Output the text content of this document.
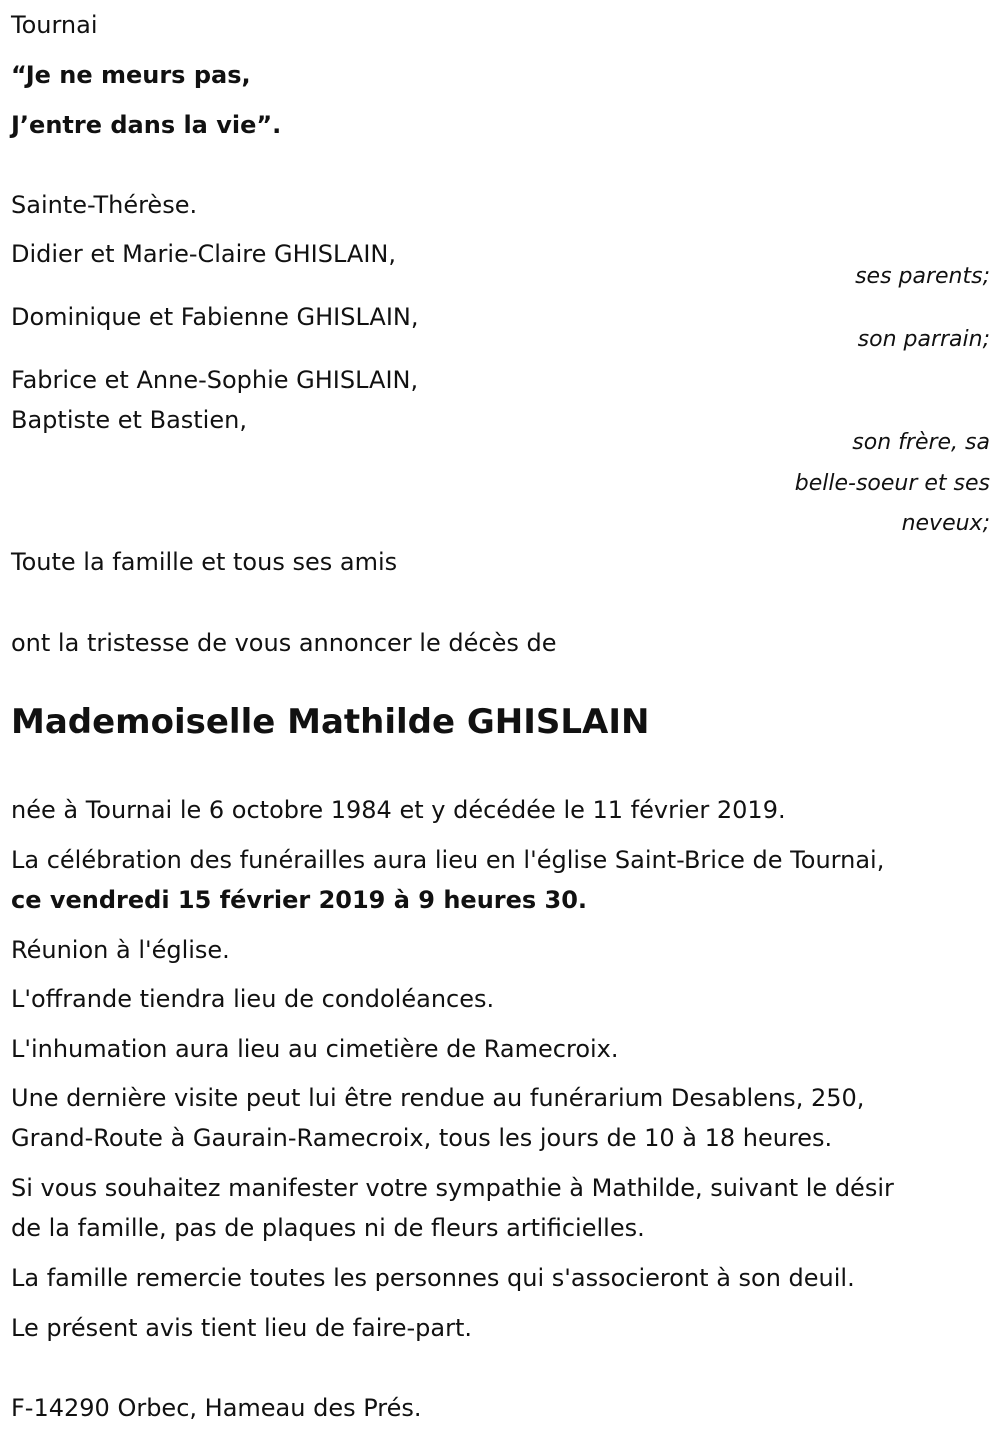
Tournai
“Je ne meurs pas,
J’entre dans la vie”.
Sainte-Thérèse.
Didier et Marie-Claire GHISLAIN,
ses parents;
Dominique et Fabienne GHISLAIN,
son parrain;
Fabrice et Anne-Sophie GHISLAIN,
Baptiste et Bastien,
son frère, sa
belle-soeur et ses
neveux;
Toute la famille et tous ses amis
ont la tristesse de vous annoncer le décès de
Mademoiselle Mathilde GHISLAIN
née à Tournai le 6 octobre 1984 et y décédée le 11 février 2019.
La célébration des funérailles aura lieu en l'église Saint-Brice de Tournai,
ce vendredi 15 février 2019 à 9 heures 30.
Réunion à l'église.
L'offrande tiendra lieu de condoléances.
L'inhumation aura lieu au cimetière de Ramecroix.
Une dernière visite peut lui être rendue au funérarium Desablens, 250,
Grand-Route à Gaurain-Ramecroix, tous les jours de 10 à 18 heures.
Si vous souhaitez manifester votre sympathie à Mathilde, suivant le désir
de la famille, pas de plaques ni de fleurs artificielles.
La famille remercie toutes les personnes qui s'associeront à son deuil.
Le présent avis tient lieu de faire-part.
F-14290 Orbec, Hameau des Prés.
